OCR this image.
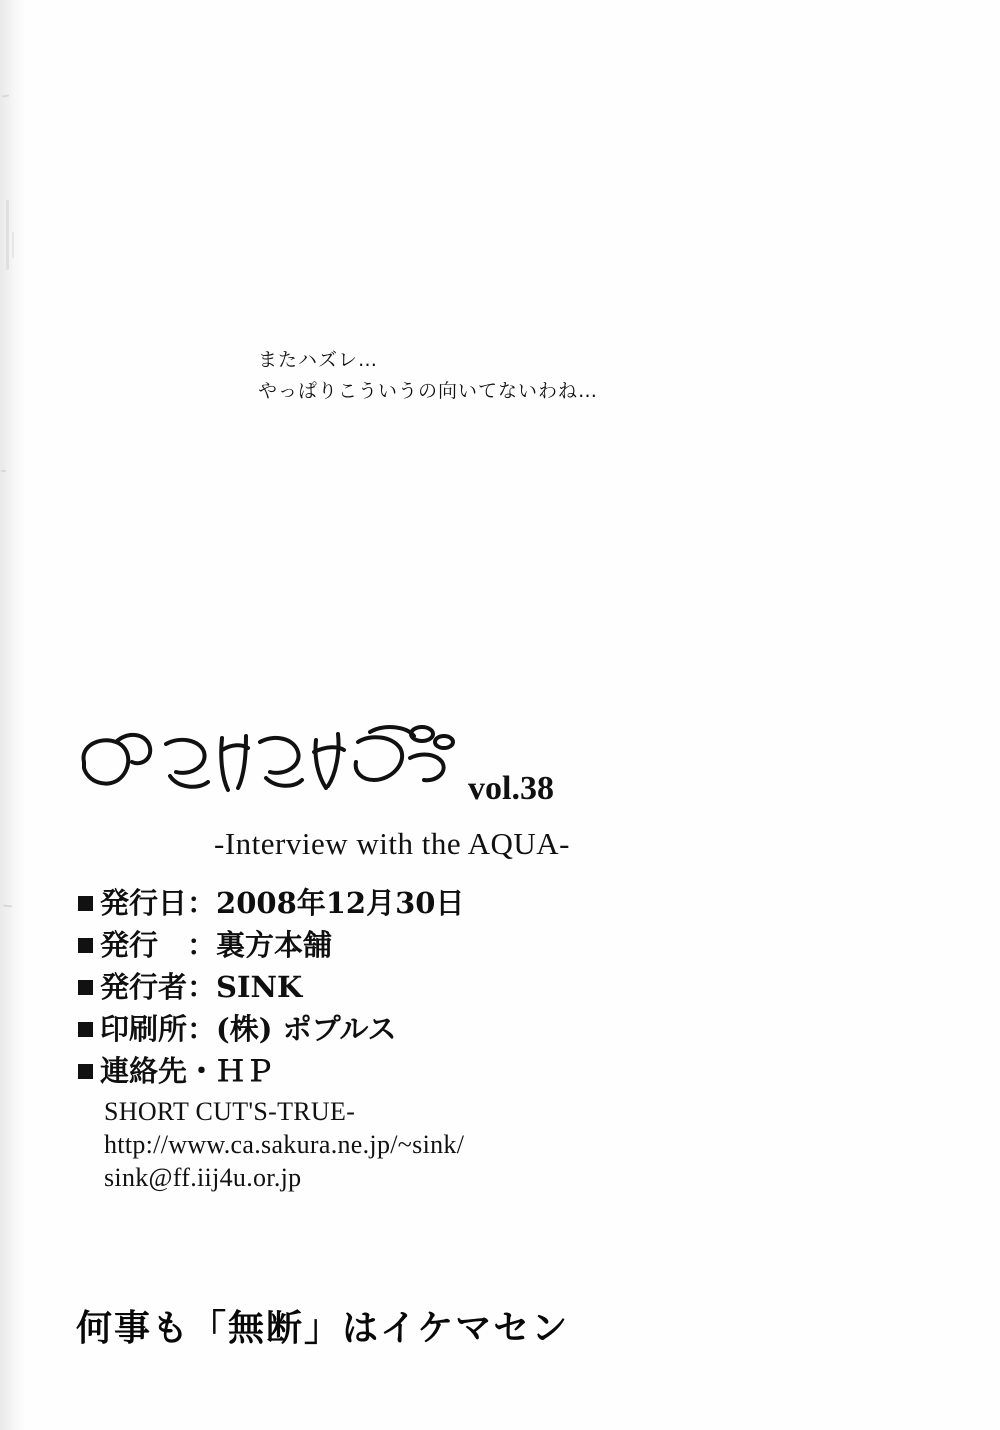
またハズレ…
やっぱりこういうの向いてないわね…
vol.38
-Interview with the AQUA-
発行日 ： 2008年12月30日
発行 　： 裏方本舗
発行者 ： SINK
印刷所 ： (株) ポプルス
連絡先・ＨＰ
SHORT CUT'S-TRUE-
http://www.ca.sakura.ne.jp/~sink/
sink@ff.iij4u.or.jp
何事も「無断」はイケマセン
